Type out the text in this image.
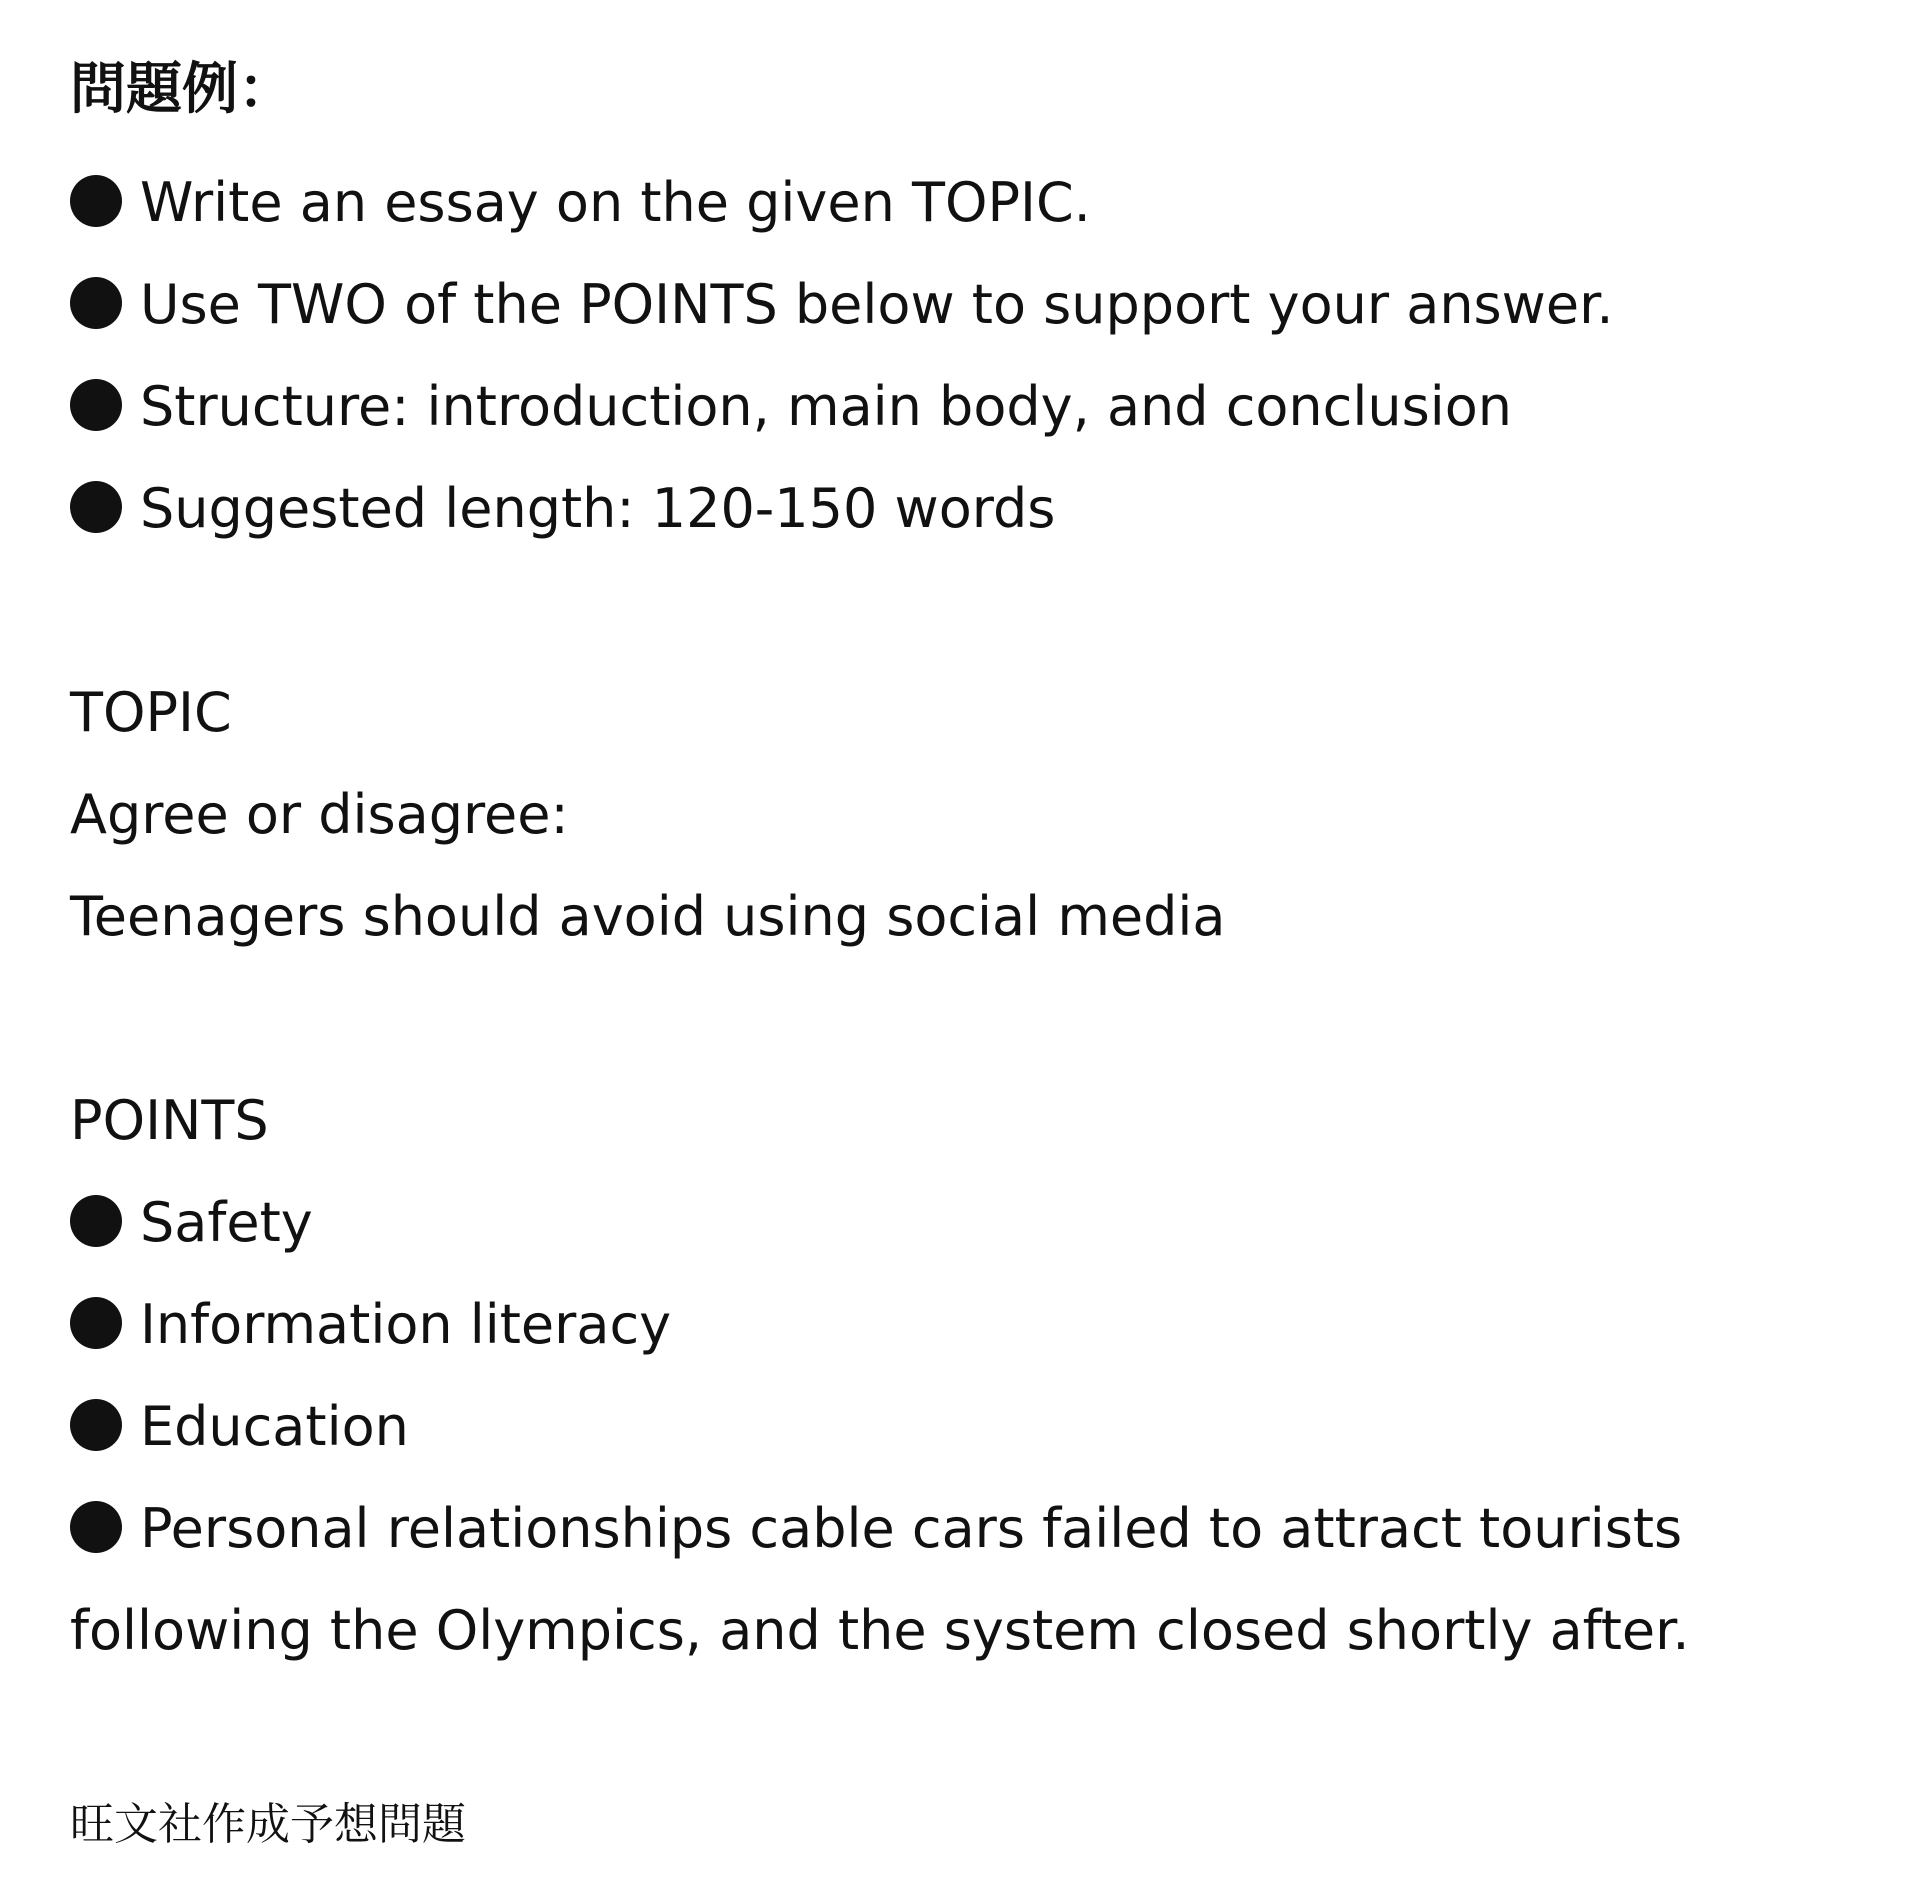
問題例：

Write an essay on the given TOPIC.

Use TWO of the POINTS below to support your answer.

Structure: introduction, main body, and conclusion

Suggested length: 120-150 words

TOPIC

Agree or disagree:

Teenagers should avoid using social media

POINTS

Safety

Information literacy

Education

Personal relationships cable cars failed to attract tourists

following the Olympics, and the system closed shortly after.

旺文社作成予想問題
